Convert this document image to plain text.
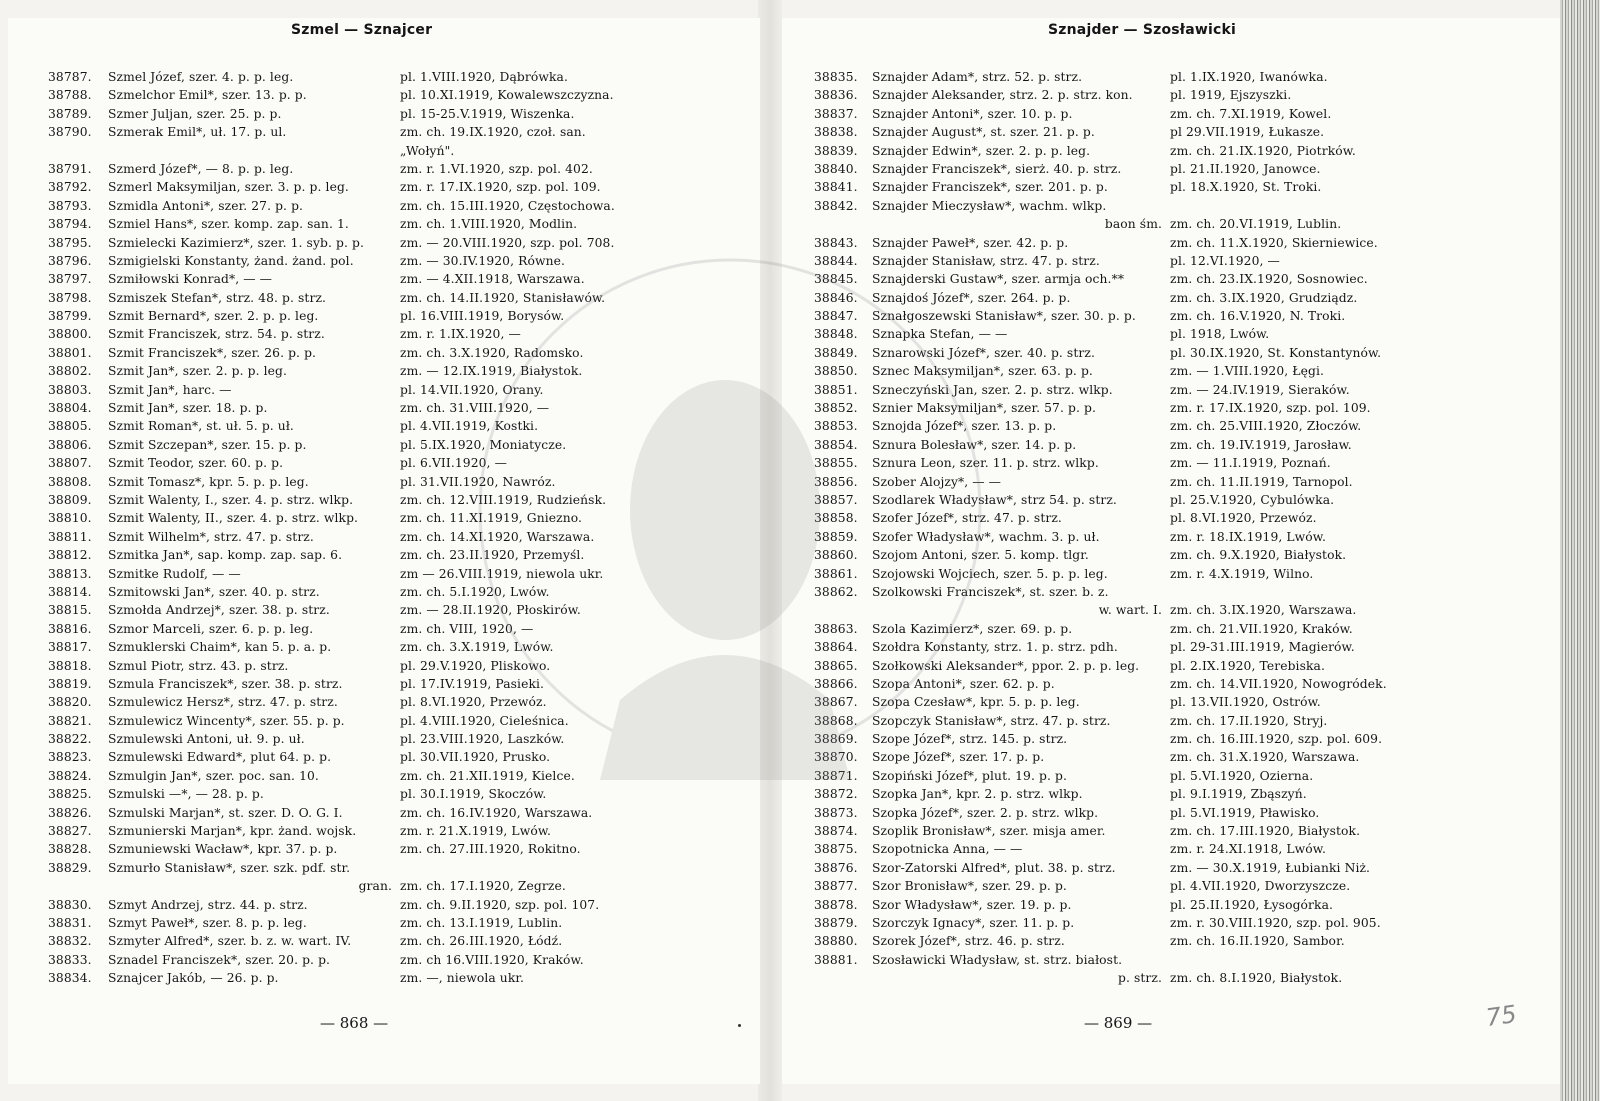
Szmel — Sznajcer
38787. Szmel Józef, szer. 4. p. p. leg.	pl. 1.VIII.1920, Dąbrówka.
38788. Szmelchor Emil*, szer. 13. p. p.	pl. 10.XI.1919, Kowalewszczyzna.
38789. Szmer Juljan, szer. 25. p. p.	pl. 15-25.V.1919, Wiszenka.
38790. Szmerak Emil*, uł. 17. p. ul.	zm. ch. 19.IX.1920, czoł. san.
„Wołyń".
38791. Szmerd Józef*, — 8. p. p. leg.	zm. r. 1.VI.1920, szp. pol. 402.
38792. Szmerl Maksymiljan, szer. 3. p. p. leg.	zm. r. 17.IX.1920, szp. pol. 109.
38793. Szmidla Antoni*, szer. 27. p. p.	zm. ch. 15.III.1920, Częstochowa.
38794. Szmiel Hans*, szer. komp. zap. san. 1.	zm. ch. 1.VIII.1920, Modlin.
38795. Szmielecki Kazimierz*, szer. 1. syb. p. p.	zm. — 20.VIII.1920, szp. pol. 708.
38796. Szmigielski Konstanty, żand. żand. pol.	zm. — 30.IV.1920, Równe.
38797. Szmiłowski Konrad*, — —	zm. — 4.XII.1918, Warszawa.
38798. Szmiszek Stefan*, strz. 48. p. strz.	zm. ch. 14.II.1920, Stanisławów.
38799. Szmit Bernard*, szer. 2. p. p. leg.	pl. 16.VIII.1919, Borysów.
38800. Szmit Franciszek, strz. 54. p. strz.	zm. r. 1.IX.1920, —
38801. Szmit Franciszek*, szer. 26. p. p.	zm. ch. 3.X.1920, Radomsko.
38802. Szmit Jan*, szer. 2. p. p. leg.	zm. — 12.IX.1919, Białystok.
38803. Szmit Jan*, harc. —	pl. 14.VII.1920, Orany.
38804. Szmit Jan*, szer. 18. p. p.	zm. ch. 31.VIII.1920, —
38805. Szmit Roman*, st. uł. 5. p. uł.	pl. 4.VII.1919, Kostki.
38806. Szmit Szczepan*, szer. 15. p. p.	pl. 5.IX.1920, Moniatycze.
38807. Szmit Teodor, szer. 60. p. p.	pl. 6.VII.1920, —
38808. Szmit Tomasz*, kpr. 5. p. p. leg.	pl. 31.VII.1920, Nawróz.
38809. Szmit Walenty, I., szer. 4. p. strz. wlkp.	zm. ch. 12.VIII.1919, Rudzieńsk.
38810. Szmit Walenty, II., szer. 4. p. strz. wlkp.	zm. ch. 11.XI.1919, Gniezno.
38811. Szmit Wilhelm*, strz. 47. p. strz.	zm. ch. 14.XI.1920, Warszawa.
38812. Szmitka Jan*, sap. komp. zap. sap. 6.	zm. ch. 23.II.1920, Przemyśl.
38813. Szmitke Rudolf, — —	zm — 26.VIII.1919, niewola ukr.
38814. Szmitowski Jan*, szer. 40. p. strz.	zm. ch. 5.I.1920, Lwów.
38815. Szmołda Andrzej*, szer. 38. p. strz.	zm. — 28.II.1920, Płoskirów.
38816. Szmor Marceli, szer. 6. p. p. leg.	zm. ch. VIII, 1920, —
38817. Szmuklerski Chaim*, kan 5. p. a. p.	zm. ch. 3.X.1919, Lwów.
38818. Szmul Piotr, strz. 43. p. strz.	pl. 29.V.1920, Pliskowo.
38819. Szmula Franciszek*, szer. 38. p. strz.	pl. 17.IV.1919, Pasieki.
38820. Szmulewicz Hersz*, strz. 47. p. strz.	pl. 8.VI.1920, Przewóz.
38821. Szmulewicz Wincenty*, szer. 55. p. p.	pl. 4.VIII.1920, Cieleśnica.
38822. Szmulewski Antoni, uł. 9. p. uł.	pl. 23.VIII.1920, Laszków.
38823. Szmulewski Edward*, plut 64. p. p.	pl. 30.VII.1920, Prusko.
38824. Szmulgin Jan*, szer. poc. san. 10.	zm. ch. 21.XII.1919, Kielce.
38825. Szmulski —*, — 28. p. p.	pl. 30.I.1919, Skoczów.
38826. Szmulski Marjan*, st. szer. D. O. G. I.	zm. ch. 16.IV.1920, Warszawa.
38827. Szmunierski Marjan*, kpr. żand. wojsk.	zm. r. 21.X.1919, Lwów.
38828. Szmuniewski Wacław*, kpr. 37. p. p.	zm. ch. 27.III.1920, Rokitno.
38829. Szmurło Stanisław*, szer. szk. pdf. str.
gran. zm. ch. 17.I.1920, Zegrze.
38830. Szmyt Andrzej, strz. 44. p. strz.	zm. ch. 9.II.1920, szp. pol. 107.
38831. Szmyt Paweł*, szer. 8. p. p. leg.	zm. ch. 13.I.1919, Lublin.
38832. Szmyter Alfred*, szer. b. z. w. wart. IV.	zm. ch. 26.III.1920, Łódź.
38833. Sznadel Franciszek*, szer. 20. p. p.	zm. ch 16.VIII.1920, Kraków.
38834. Sznajcer Jakób, — 26. p. p.	zm. —, niewola ukr.
— 868 —
Sznajder — Szosławicki
38835. Sznajder Adam*, strz. 52. p. strz.	pl. 1.IX.1920, Iwanówka.
38836. Sznajder Aleksander, strz. 2. p. strz. kon.	pl. 1919, Ejszyszki.
38837. Sznajder Antoni*, szer. 10. p. p.	zm. ch. 7.XI.1919, Kowel.
38838. Sznajder August*, st. szer. 21. p. p.	pl 29.VII.1919, Łukasze.
38839. Sznajder Edwin*, szer. 2. p. p. leg.	zm. ch. 21.IX.1920, Piotrków.
38840. Sznajder Franciszek*, sierż. 40. p. strz.	pl. 21.II.1920, Janowce.
38841. Sznajder Franciszek*, szer. 201. p. p.	pl. 18.X.1920, St. Troki.
38842. Sznajder Mieczysław*, wachm. wlkp.
baon śm. zm. ch. 20.VI.1919, Lublin.
38843. Sznajder Paweł*, szer. 42. p. p.	zm. ch. 11.X.1920, Skierniewice.
38844. Sznajder Stanisław, strz. 47. p. strz.	pl. 12.VI.1920, —
38845. Sznajderski Gustaw*, szer. armja och.**	zm. ch. 23.IX.1920, Sosnowiec.
38846. Sznajdoś Józef*, szer. 264. p. p.	zm. ch. 3.IX.1920, Grudziądz.
38847. Sznałgoszewski Stanisław*, szer. 30. p. p.	zm. ch. 16.V.1920, N. Troki.
38848. Sznapka Stefan, — —	pl. 1918, Lwów.
38849. Sznarowski Józef*, szer. 40. p. strz.	pl. 30.IX.1920, St. Konstantynów.
38850. Sznec Maksymiljan*, szer. 63. p. p.	zm. — 1.VIII.1920, Łęgi.
38851. Szneczyński Jan, szer. 2. p. strz. wlkp.	zm. — 24.IV.1919, Sieraków.
38852. Sznier Maksymiljan*, szer. 57. p. p.	zm. r. 17.IX.1920, szp. pol. 109.
38853. Sznojda Józef*, szer. 13. p. p.	zm. ch. 25.VIII.1920, Złoczów.
38854. Sznura Bolesław*, szer. 14. p. p.	zm. ch. 19.IV.1919, Jarosław.
38855. Sznura Leon, szer. 11. p. strz. wlkp.	zm. — 11.I.1919, Poznań.
38856. Szober Alojzy*, — —	zm. ch. 11.II.1919, Tarnopol.
38857. Szodlarek Władysław*, strz 54. p. strz.	pl. 25.V.1920, Cybulówka.
38858. Szofer Józef*, strz. 47. p. strz.	pl. 8.VI.1920, Przewóz.
38859. Szofer Władysław*, wachm. 3. p. uł.	zm. r. 18.IX.1919, Lwów.
38860. Szojom Antoni, szer. 5. komp. tlgr.	zm. ch. 9.X.1920, Białystok.
38861. Szojowski Wojciech, szer. 5. p. p. leg.	zm. r. 4.X.1919, Wilno.
38862. Szolkowski Franciszek*, st. szer. b. z.
w. wart. I. zm. ch. 3.IX.1920, Warszawa.
38863. Szola Kazimierz*, szer. 69. p. p.	zm. ch. 21.VII.1920, Kraków.
38864. Szołdra Konstanty, strz. 1. p. strz. pdh.	pl. 29-31.III.1919, Magierów.
38865. Szołkowski Aleksander*, ppor. 2. p. p. leg.	pl. 2.IX.1920, Terebiska.
38866. Szopa Antoni*, szer. 62. p. p.	zm. ch. 14.VII.1920, Nowogródek.
38867. Szopa Czesław*, kpr. 5. p. p. leg.	pl. 13.VII.1920, Ostrów.
38868. Szopczyk Stanisław*, strz. 47. p. strz.	zm. ch. 17.II.1920, Stryj.
38869. Szope Józef*, strz. 145. p. strz.	zm. ch. 16.III.1920, szp. pol. 609.
38870. Szope Józef*, szer. 17. p. p.	zm. ch. 31.X.1920, Warszawa.
38871. Szopiński Józef*, plut. 19. p. p.	pl. 5.VI.1920, Ozierna.
38872. Szopka Jan*, kpr. 2. p. strz. wlkp.	pl. 9.I.1919, Zbąszyń.
38873. Szopka Józef*, szer. 2. p. strz. wlkp.	pl. 5.VI.1919, Pławisko.
38874. Szoplik Bronisław*, szer. misja amer.	zm. ch. 17.III.1920, Białystok.
38875. Szopotnicka Anna, — —	zm. r. 24.XI.1918, Lwów.
38876. Szor-Zatorski Alfred*, plut. 38. p. strz.	zm. — 30.X.1919, Łubianki Niż.
38877. Szor Bronisław*, szer. 29. p. p.	pl. 4.VII.1920, Dworzyszcze.
38878. Szor Władysław*, szer. 19. p. p.	pl. 25.II.1920, Łysogórka.
38879. Szorczyk Ignacy*, szer. 11. p. p.	zm. r. 30.VIII.1920, szp. pol. 905.
38880. Szorek Józef*, strz. 46. p. strz.	zm. ch. 16.II.1920, Sambor.
38881. Szosławicki Władysław, st. strz. białost.
p. strz. zm. ch. 8.I.1920, Białystok.
— 869 —	75
